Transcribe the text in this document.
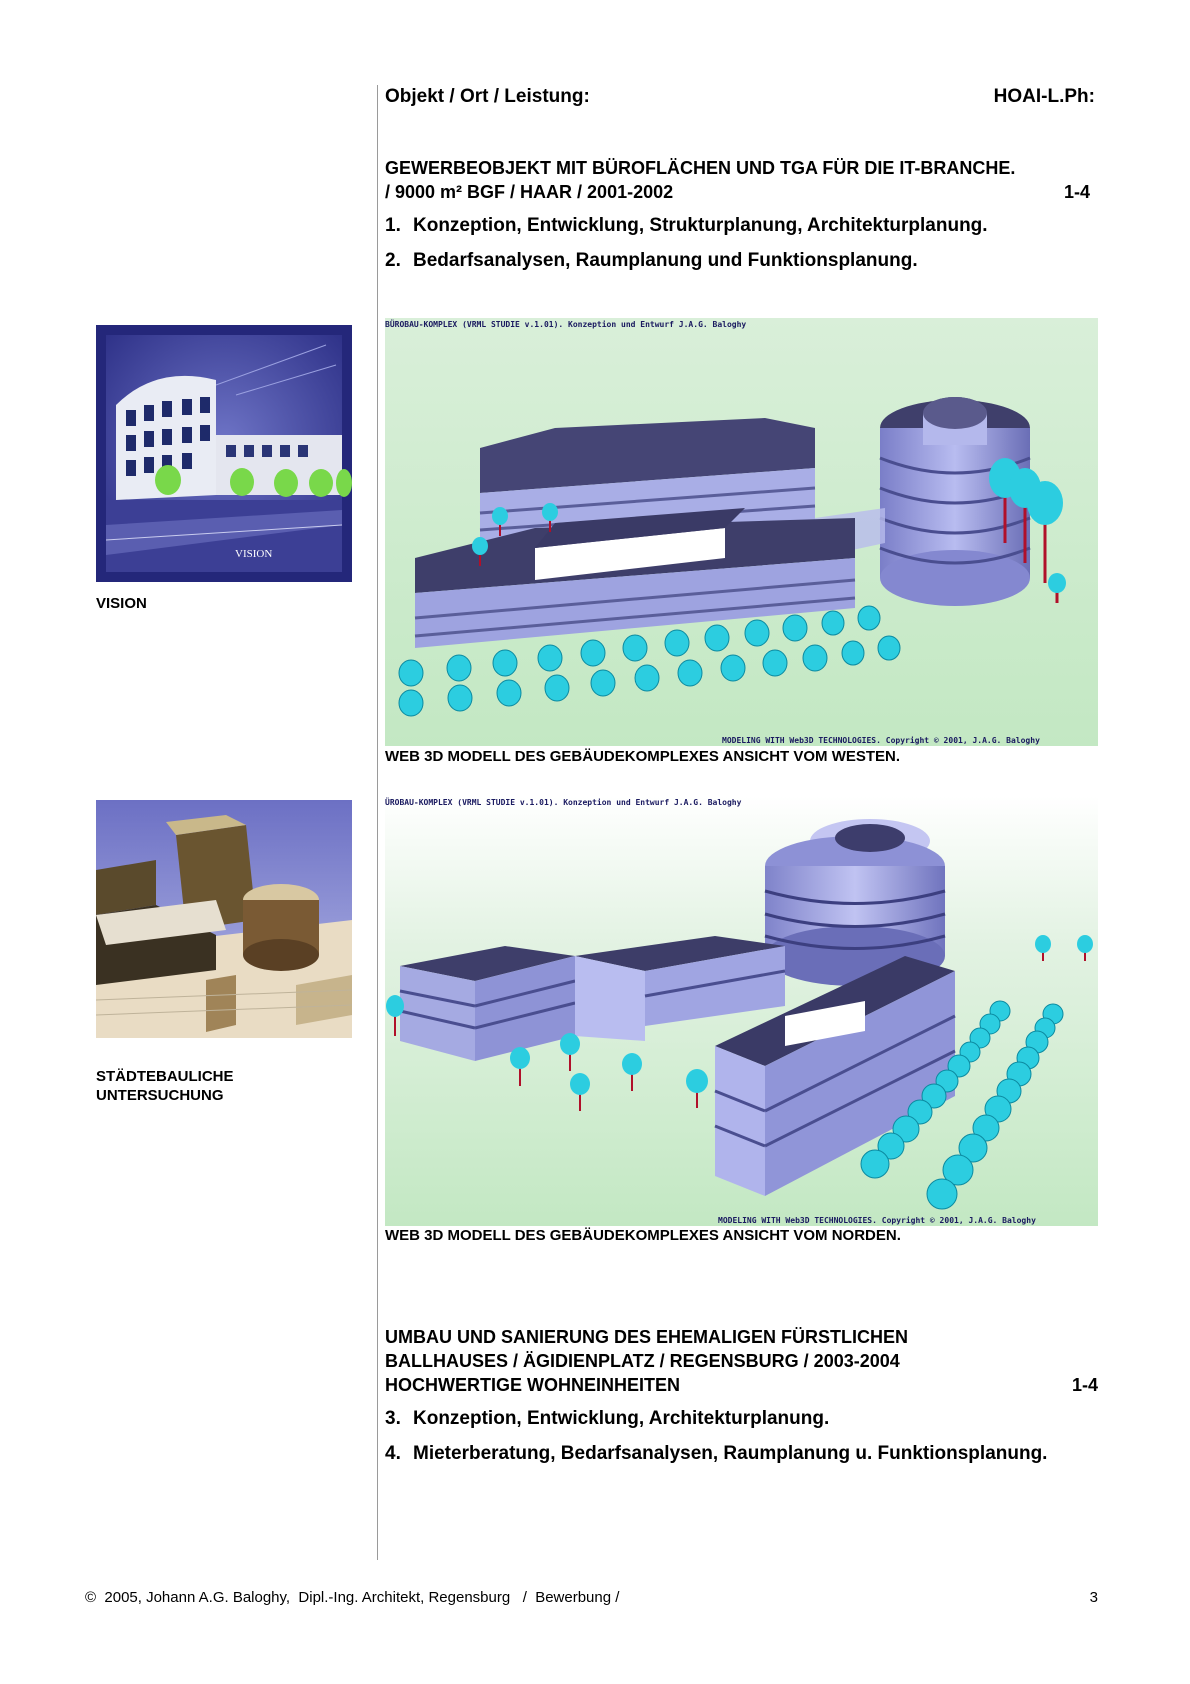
Objekt / Ort / Leistung:	HOAI-L.Ph:
GEWERBEOBJEKT MIT BÜROFLÄCHEN UND TGA FÜR DIE IT-BRANCHE.
/ 9000 m² BGF / HAAR / 2001-2002	1-4
1. Konzeption, Entwicklung, Strukturplanung, Architekturplanung.
2. Bedarfsanalysen, Raumplanung und Funktionsplanung.
VISION
VISION
BÜROBAU-KOMPLEX (VRML STUDIE v.1.01). Konzeption und Entwurf J.A.G. Baloghy
MODELING WITH Web3D TECHNOLOGIES. Copyright © 2001, J.A.G. Baloghy
WEB 3D MODELL DES GEBÄUDEKOMPLEXES ANSICHT VOM WESTEN.
STÄDTEBAULICHE
UNTERSUCHUNG
ÜROBAU-KOMPLEX (VRML STUDIE v.1.01). Konzeption und Entwurf J.A.G. Baloghy
MODELING WITH Web3D TECHNOLOGIES. Copyright © 2001, J.A.G. Baloghy
WEB 3D MODELL DES GEBÄUDEKOMPLEXES ANSICHT VOM NORDEN.
UMBAU UND SANIERUNG DES EHEMALIGEN FÜRSTLICHEN
BALLHAUSES / ÄGIDIENPLATZ / REGENSBURG / 2003-2004
HOCHWERTIGE WOHNEINHEITEN	1-4
3. Konzeption, Entwicklung, Architekturplanung.
4. Mieterberatung, Bedarfsanalysen, Raumplanung u. Funktionsplanung.
©  2005, Johann A.G. Baloghy,  Dipl.-Ing. Architekt, Regensburg   /  Bewerbung /	3
